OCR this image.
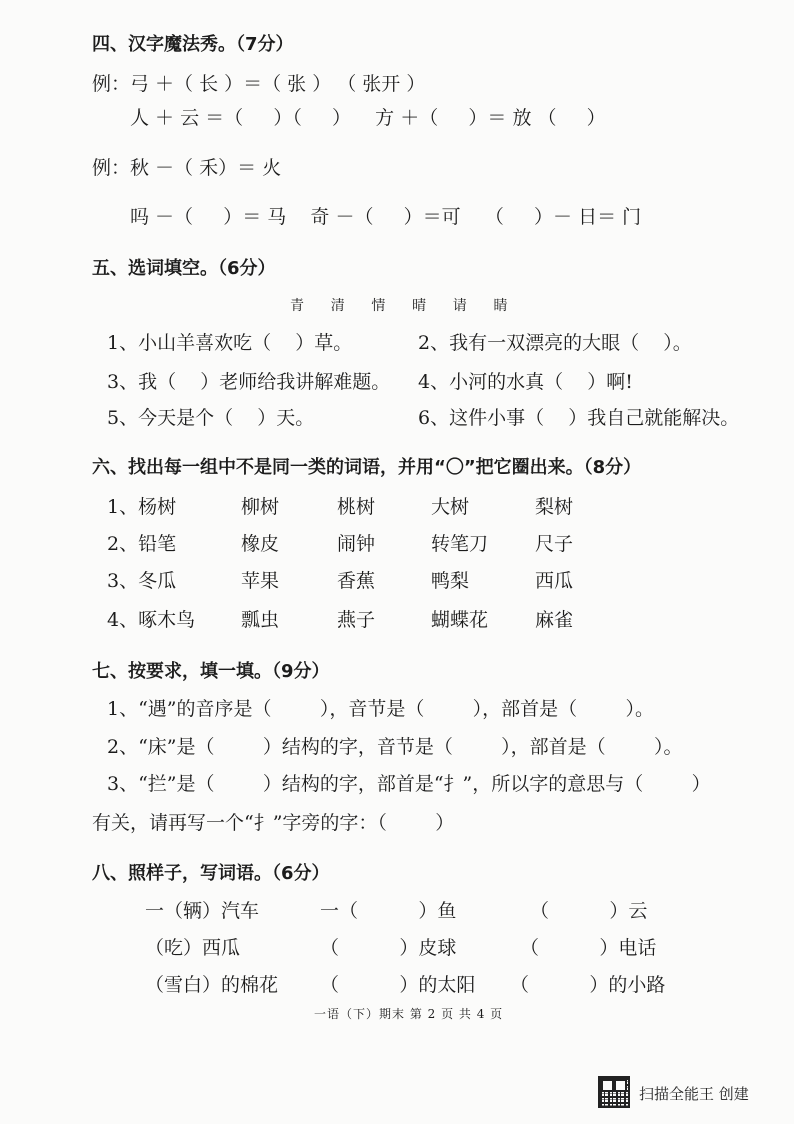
四、汉字魔法秀。（7分）
例：弓 ＋（ 长 ）＝（ 张 ） （ 张开 ）
人 ＋ 云 ＝（     ）（     ）    方 ＋（     ）＝ 放 （     ）
例：秋 －（ 禾）＝ 火
吗 －（     ）＝ 马    奇 －（     ）＝可    （     ）－ 日＝ 门
五、选词填空。（6分）
青      清      情      晴      请      睛
1、小山羊喜欢吃（    ）草。	2、我有一双漂亮的大眼（    ）。
3、我（    ）老师给我讲解难题。 4、小河的水真（    ）啊!
5、今天是个（    ）天。	6、这件小事（    ）我自己就能解决。
六、找出每一组中不是同一类的词语，并用“〇”把它圈出来。（8分）
1、杨树	柳树	桃树	大树	梨树
2、铅笔	橡皮	闹钟	转笔刀 尺子
3、冬瓜	苹果	香蕉	鸭梨	西瓜
4、啄木鸟 瓢虫	燕子	蝴蝶花 麻雀
七、按要求，填一填。（9分）
1、“遇”的音序是（        ），音节是（        ），部首是（        ）。
2、“床”是（        ）结构的字，音节是（        ），部首是（        ）。
3、“拦”是（        ）结构的字，部首是“扌”，所以字的意思与（        ）
有关，请再写一个“扌”字旁的字：（        ）
八、照样子，写词语。（6分）
一（辆）汽车	一（          ）鱼	（          ）云
（吃）西瓜	（          ）皮球	（          ）电话
（雪白）的棉花 （          ）的太阳 （          ）的小路
一语（下）期末 第 2 页 共 4 页
扫描全能王 创建
